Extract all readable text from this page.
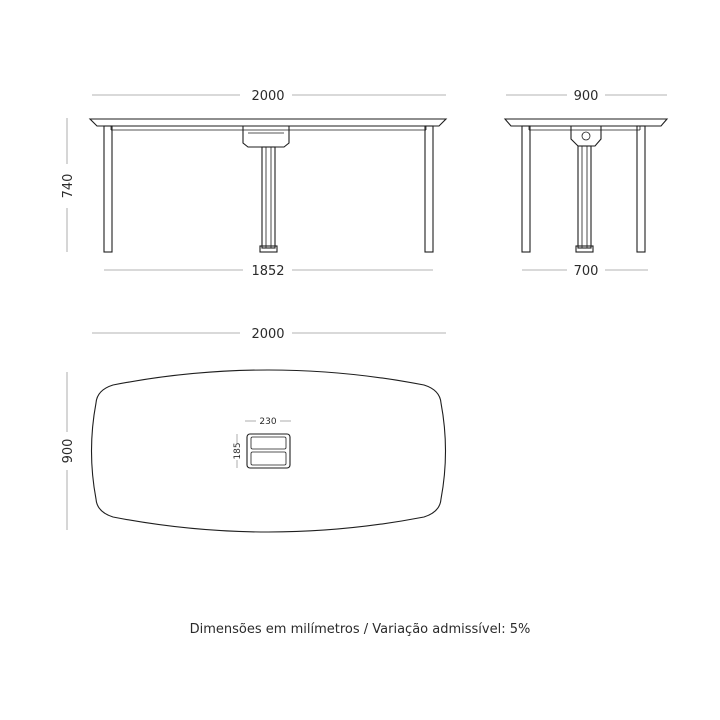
2000
740
1852
900
700
2000
900
230
185
Dimensões em milímetros / Variação admissível: 5%
